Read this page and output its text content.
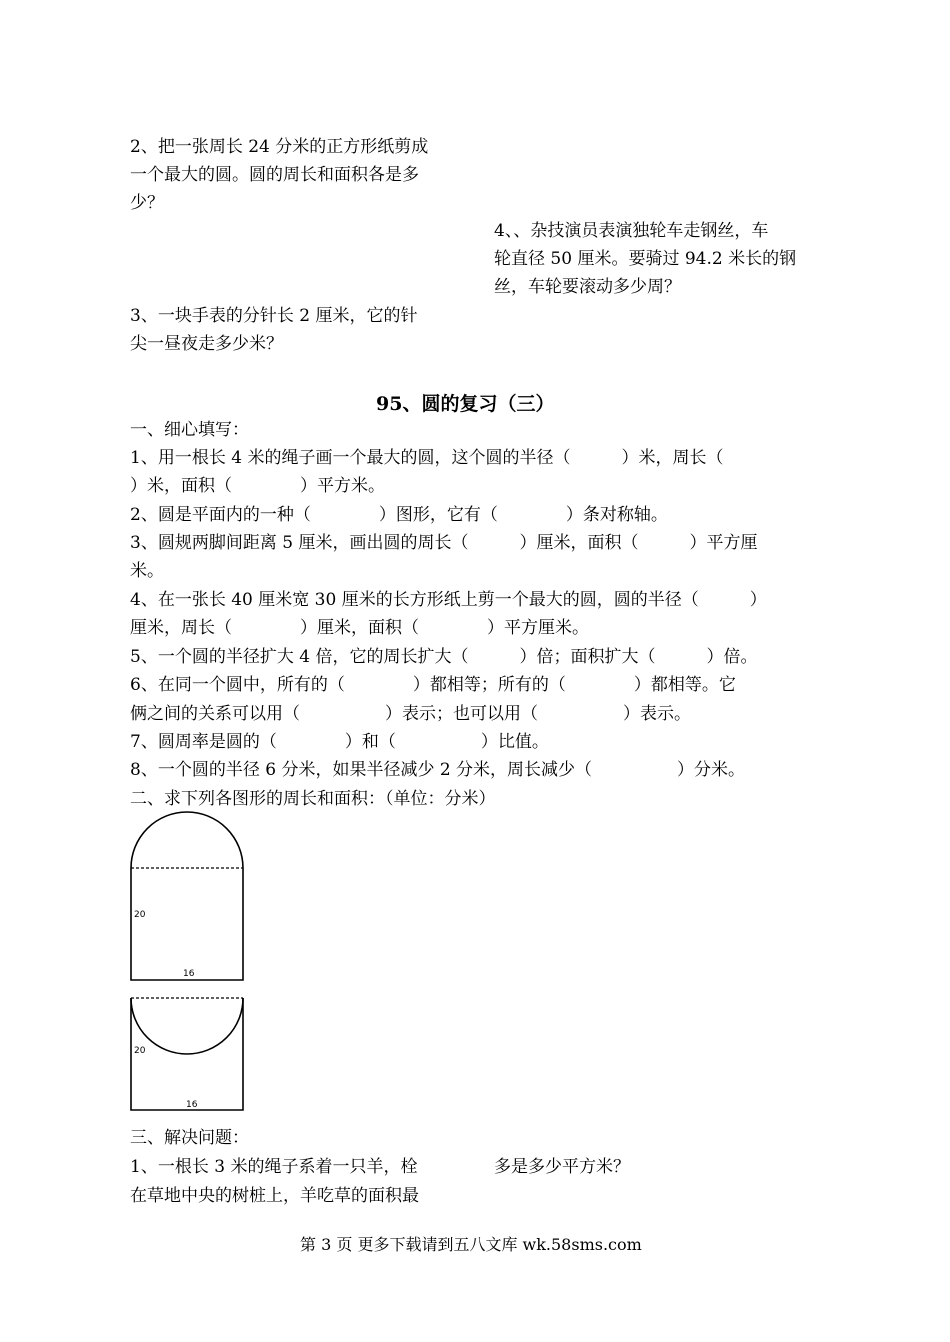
2、把一张周长 24 分米的正方形纸剪成
一个最大的圆。圆的周长和面积各是多
少？
4、、杂技演员表演独轮车走钢丝，车
轮直径 50 厘米。要骑过 94.2 米长的钢
丝，车轮要滚动多少周？
3、一块手表的分针长 2 厘米，它的针
尖一昼夜走多少米？
95、圆的复习（三）
一、细心填写：
1、用一根长 4 米的绳子画一个最大的圆，这个圆的半径（　　　）米，周长（
）米，面积（　　　　）平方米。
2、圆是平面内的一种（　　　　）图形，它有（　　　　）条对称轴。
3、圆规两脚间距离 5 厘米，画出圆的周长（　　　）厘米，面积（　　　）平方厘
米。
4、在一张长 40 厘米宽 30 厘米的长方形纸上剪一个最大的圆，圆的半径（　　　）
厘米，周长（　　　　）厘米，面积（　　　　）平方厘米。
5、一个圆的半径扩大 4 倍，它的周长扩大（　　　）倍；面积扩大（　　　）倍。
6、在同一个圆中，所有的（　　　　）都相等；所有的（　　　　）都相等。它
俩之间的关系可以用（　　　　　）表示；也可以用（　　　　　）表示。
7、圆周率是圆的（　　　　）和（　　　　　）比值。
8、一个圆的半径 6 分米，如果半径减少 2 分米，周长减少（　　　　　）分米。
二、求下列各图形的周长和面积：（单位：分米）
20
16
20
16
三、解决问题：
1、一根长 3 米的绳子系着一只羊，栓	多是多少平方米？
在草地中央的树桩上，羊吃草的面积最
第 3 页 更多下载请到五八文库 wk.58sms.com
